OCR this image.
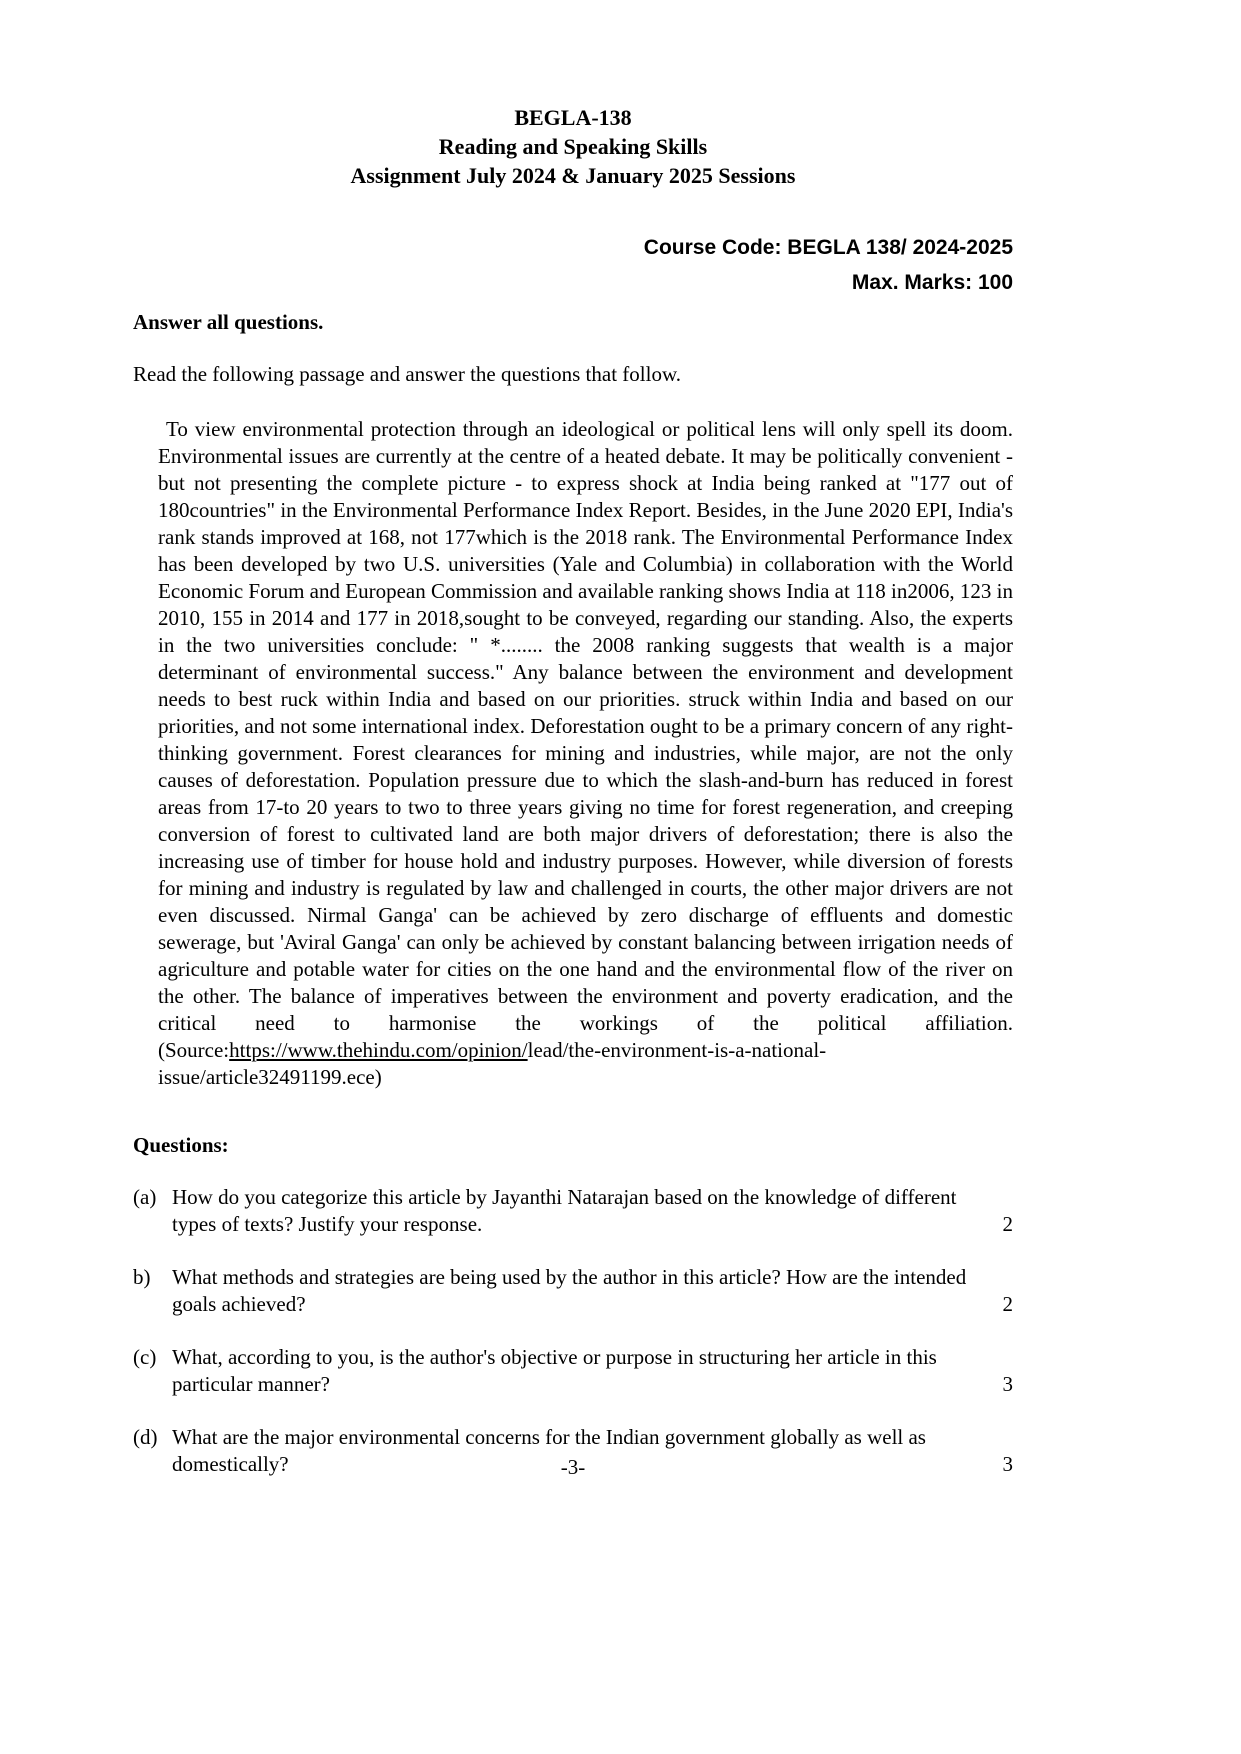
BEGLA-138
Reading and Speaking Skills
Assignment July 2024 & January 2025 Sessions
Course Code: BEGLA 138/ 2024-2025
Max. Marks: 100
Answer all questions.
Read the following passage and answer the questions that follow.
To view environmental protection through an ideological or political lens will only spell its doom. Environmental issues are currently at the centre of a heated debate. It may be politically convenient - but not presenting the complete picture - to express shock at India being ranked at "177 out of 180countries" in the Environmental Performance Index Report. Besides, in the June 2020 EPI, India's rank stands improved at 168, not 177which is the 2018 rank. The Environmental Performance Index has been developed by two U.S. universities (Yale and Columbia) in collaboration with the World Economic Forum and European Commission and available ranking shows India at 118 in2006, 123 in 2010, 155 in 2014 and 177 in 2018,sought to be conveyed, regarding our standing. Also, the experts in the two universities conclude: " *........ the 2008 ranking suggests that wealth is a major determinant of environmental success." Any balance between the environment and development needs to best ruck within India and based on our priorities. struck within India and based on our priorities, and not some international index. Deforestation ought to be a primary concern of any right-thinking government. Forest clearances for mining and industries, while major, are not the only causes of deforestation. Population pressure due to which the slash-and-burn has reduced in forest areas from 17-to 20 years to two to three years giving no time for forest regeneration, and creeping conversion of forest to cultivated land are both major drivers of deforestation; there is also the increasing use of timber for house hold and industry purposes. However, while diversion of forests for mining and industry is regulated by law and challenged in courts, the other major drivers are not even discussed. Nirmal Ganga' can be achieved by zero discharge of effluents and domestic sewerage, but 'Aviral Ganga' can only be achieved by constant balancing between irrigation needs of agriculture and potable water for cities on the one hand and the environmental flow of the river on the other. The balance of imperatives between the environment and poverty eradication, and the critical need to harmonise the workings of the political affiliation. (Source:https://www.thehindu.com/opinion/lead/the-environment-is-a-national-issue/article32491199.ece)
Questions:
(a) How do you categorize this article by Jayanthi Natarajan based on the knowledge of different types of texts? Justify your response.	2
b)	What methods and strategies are being used by the author in this article? How are the intended goals achieved?	2
(c) What, according to you, is the author's objective or purpose in structuring her article in this particular manner?	3
(d) What are the major environmental concerns for the Indian government globally as well as domestically?	3
-3-
